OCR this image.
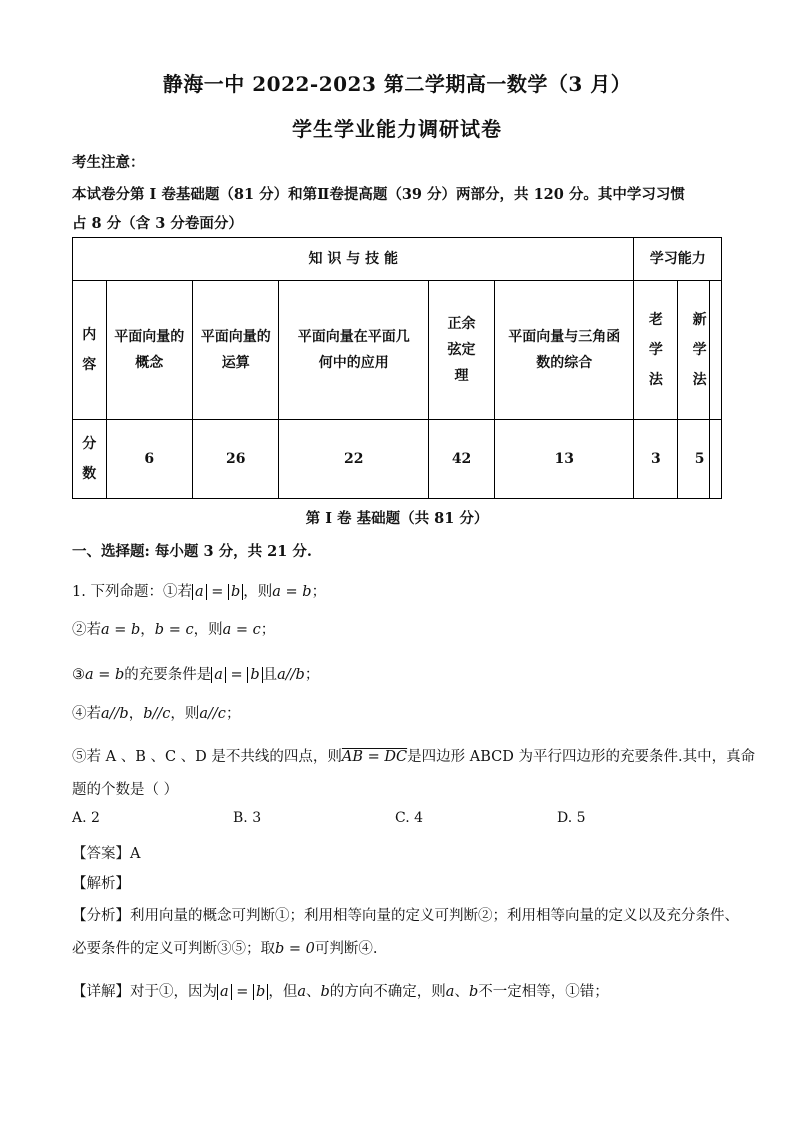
静海一中 2022-2023 第二学期高一数学（3 月）
学生学业能力调研试卷
考生注意：
本试卷分第 I 卷基础题（81 分）和第Ⅱ卷提高题（39 分）两部分，共 120 分。其中学习习惯
占 8 分（含 3 分卷面分）
知 识 与 技 能						学习能力	
内容	平面向量的概念	平面向量的运算	平面向量在平面几何中的应用	正余弦定理	平面向量与三角函数的综合	老学法	新学法
分数	6	26	22	42	13	3	5
第 I 卷 基础题（共 81 分）
一、选择题: 每小题 3 分，共 21 分.
1. 下列命题：①若 a = b ，则a = b；
②若a = b，b = c，则a = c；
③a = b的充要条件是 a = b 且a//b；
④若a//b，b//c，则a//c；
⑤若 A 、B 、C 、D 是不共线的四点，则AB = DC是四边形 ABCD 为平行四边形的充要条件.其中，真命
题的个数是（ ）
A. 2	B. 3	C. 4	D. 5
【答案】A
【解析】
【分析】利用向量的概念可判断①；利用相等向量的定义可判断②；利用相等向量的定义以及充分条件、
必要条件的定义可判断③⑤；取b = 0可判断④.
【详解】对于①，因为 a = b ，但a、b的方向不确定，则a、b不一定相等，①错；
